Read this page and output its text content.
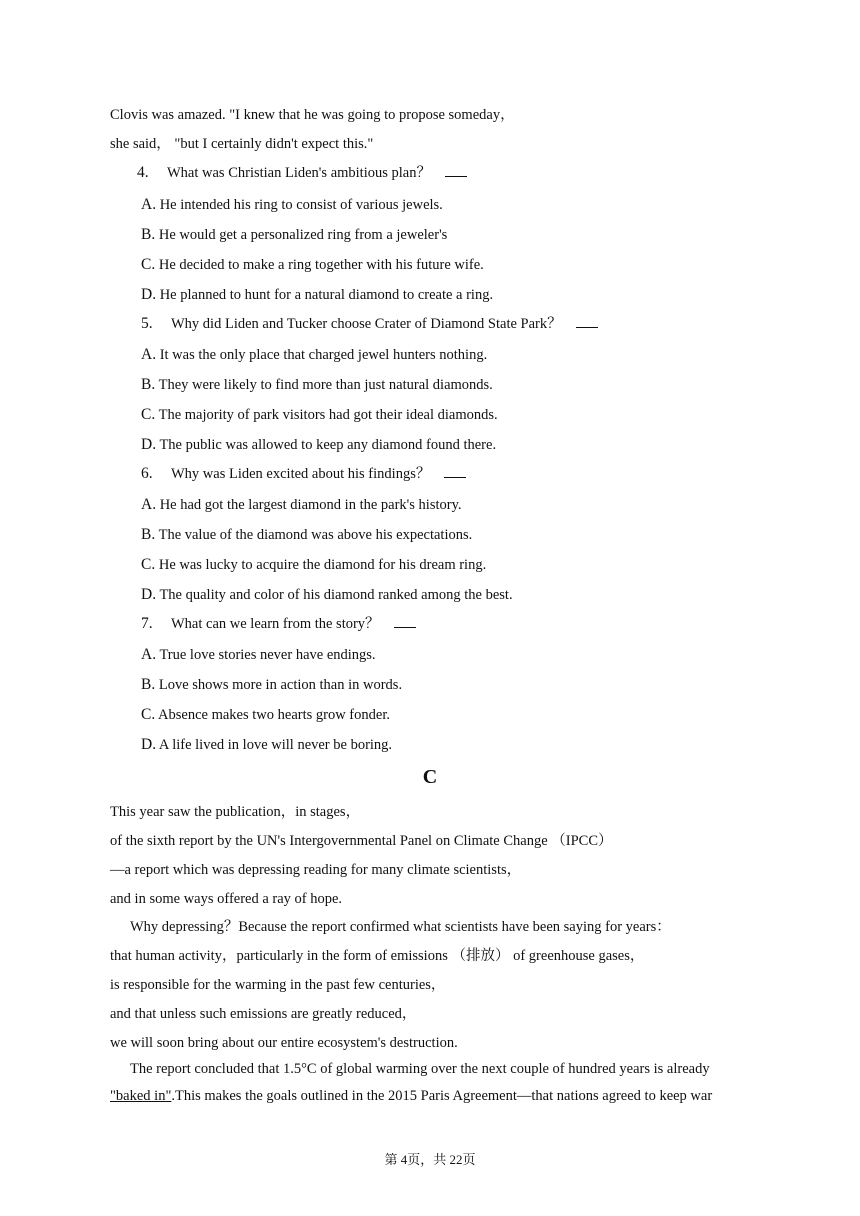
Clovis was amazed. "I knew that he was going to propose someday，
she said， "but I certainly didn't expect this."
4. What was Christian Liden's ambitious plan？
A. He intended his ring to consist of various jewels.
B. He would get a personalized ring from a jeweler's
C. He decided to make a ring together with his future wife.
D. He planned to hunt for a natural diamond to create a ring.
5. Why did Liden and Tucker choose Crater of Diamond State Park？
A. It was the only place that charged jewel hunters nothing.
B. They were likely to find more than just natural diamonds.
C. The majority of park visitors had got their ideal diamonds.
D. The public was allowed to keep any diamond found there.
6. Why was Liden excited about his findings？
A. He had got the largest diamond in the park's history.
B. The value of the diamond was above his expectations.
C. He was lucky to acquire the diamond for his dream ring.
D. The quality and color of his diamond ranked among the best.
7. What can we learn from the story？
A. True love stories never have endings.
B. Love shows more in action than in words.
C. Absence makes two hearts grow fonder.
D. A life lived in love will never be boring.
C
This year saw the publication，in stages，
of the sixth report by the UN's Intergovernmental Panel on Climate Change （IPCC）
—a report which was depressing reading for many climate scientists，
and in some ways offered a ray of hope.
Why depressing？Because the report confirmed what scientists have been saying for years：
that human activity，particularly in the form of emissions （排放） of greenhouse gases，
is responsible for the warming in the past few centuries，
and that unless such emissions are greatly reduced，
we will soon bring about our entire ecosystem's destruction.
The report concluded that 1.5°C of global warming over the next couple of hundred years is already
"baked in".This makes the goals outlined in the 2015 Paris Agreement—that nations agreed to keep war
第 4页，共 22页
